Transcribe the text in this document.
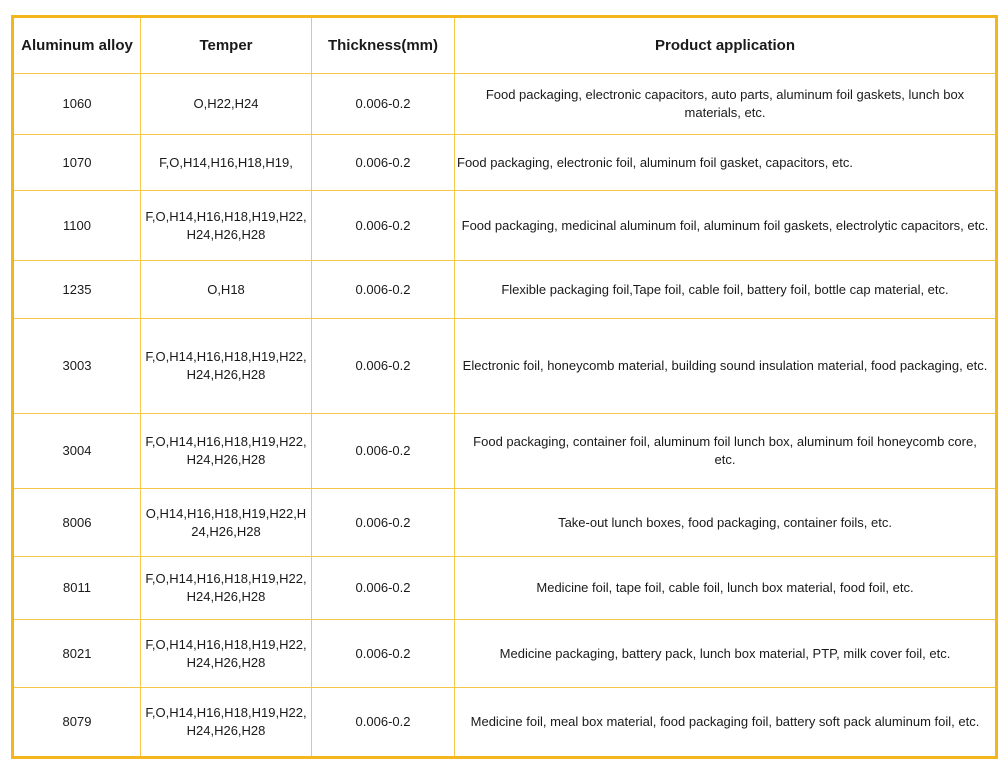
Aluminum alloy	Temper	Thickness(mm)	Product application
1060	O,H22,H24	0.006-0.2	Food packaging, electronic capacitors, auto parts, aluminum foil gaskets, lunch box materials, etc.
1070	F,O,H14,H16,H18,H19,	0.006-0.2	Food packaging, electronic foil, aluminum foil gasket, capacitors, etc.
1100	F,O,H14,H16,H18,H19,H22, H24,H26,H28	0.006-0.2	Food packaging, medicinal aluminum foil, aluminum foil gaskets, electrolytic capacitors, etc.
1235	O,H18	0.006-0.2	Flexible packaging foil,Tape foil, cable foil, battery foil, bottle cap material, etc.
3003	F,O,H14,H16,H18,H19,H22, H24,H26,H28	0.006-0.2	Electronic foil, honeycomb material, building sound insulation material, food packaging, etc.
3004	F,O,H14,H16,H18,H19,H22, H24,H26,H28	0.006-0.2	Food packaging, container foil, aluminum foil lunch box, aluminum foil honeycomb core, etc.
8006	O,H14,H16,H18,H19,H22,H 24,H26,H28	0.006-0.2	Take-out lunch boxes, food packaging, container foils, etc.
8011	F,O,H14,H16,H18,H19,H22, H24,H26,H28	0.006-0.2	Medicine foil, tape foil, cable foil, lunch box material, food foil, etc.
8021	F,O,H14,H16,H18,H19,H22, H24,H26,H28	0.006-0.2	Medicine packaging, battery pack, lunch box material, PTP, milk cover foil, etc.
8079	F,O,H14,H16,H18,H19,H22, H24,H26,H28	0.006-0.2	Medicine foil, meal box material, food packaging foil, battery soft pack aluminum foil, etc.
